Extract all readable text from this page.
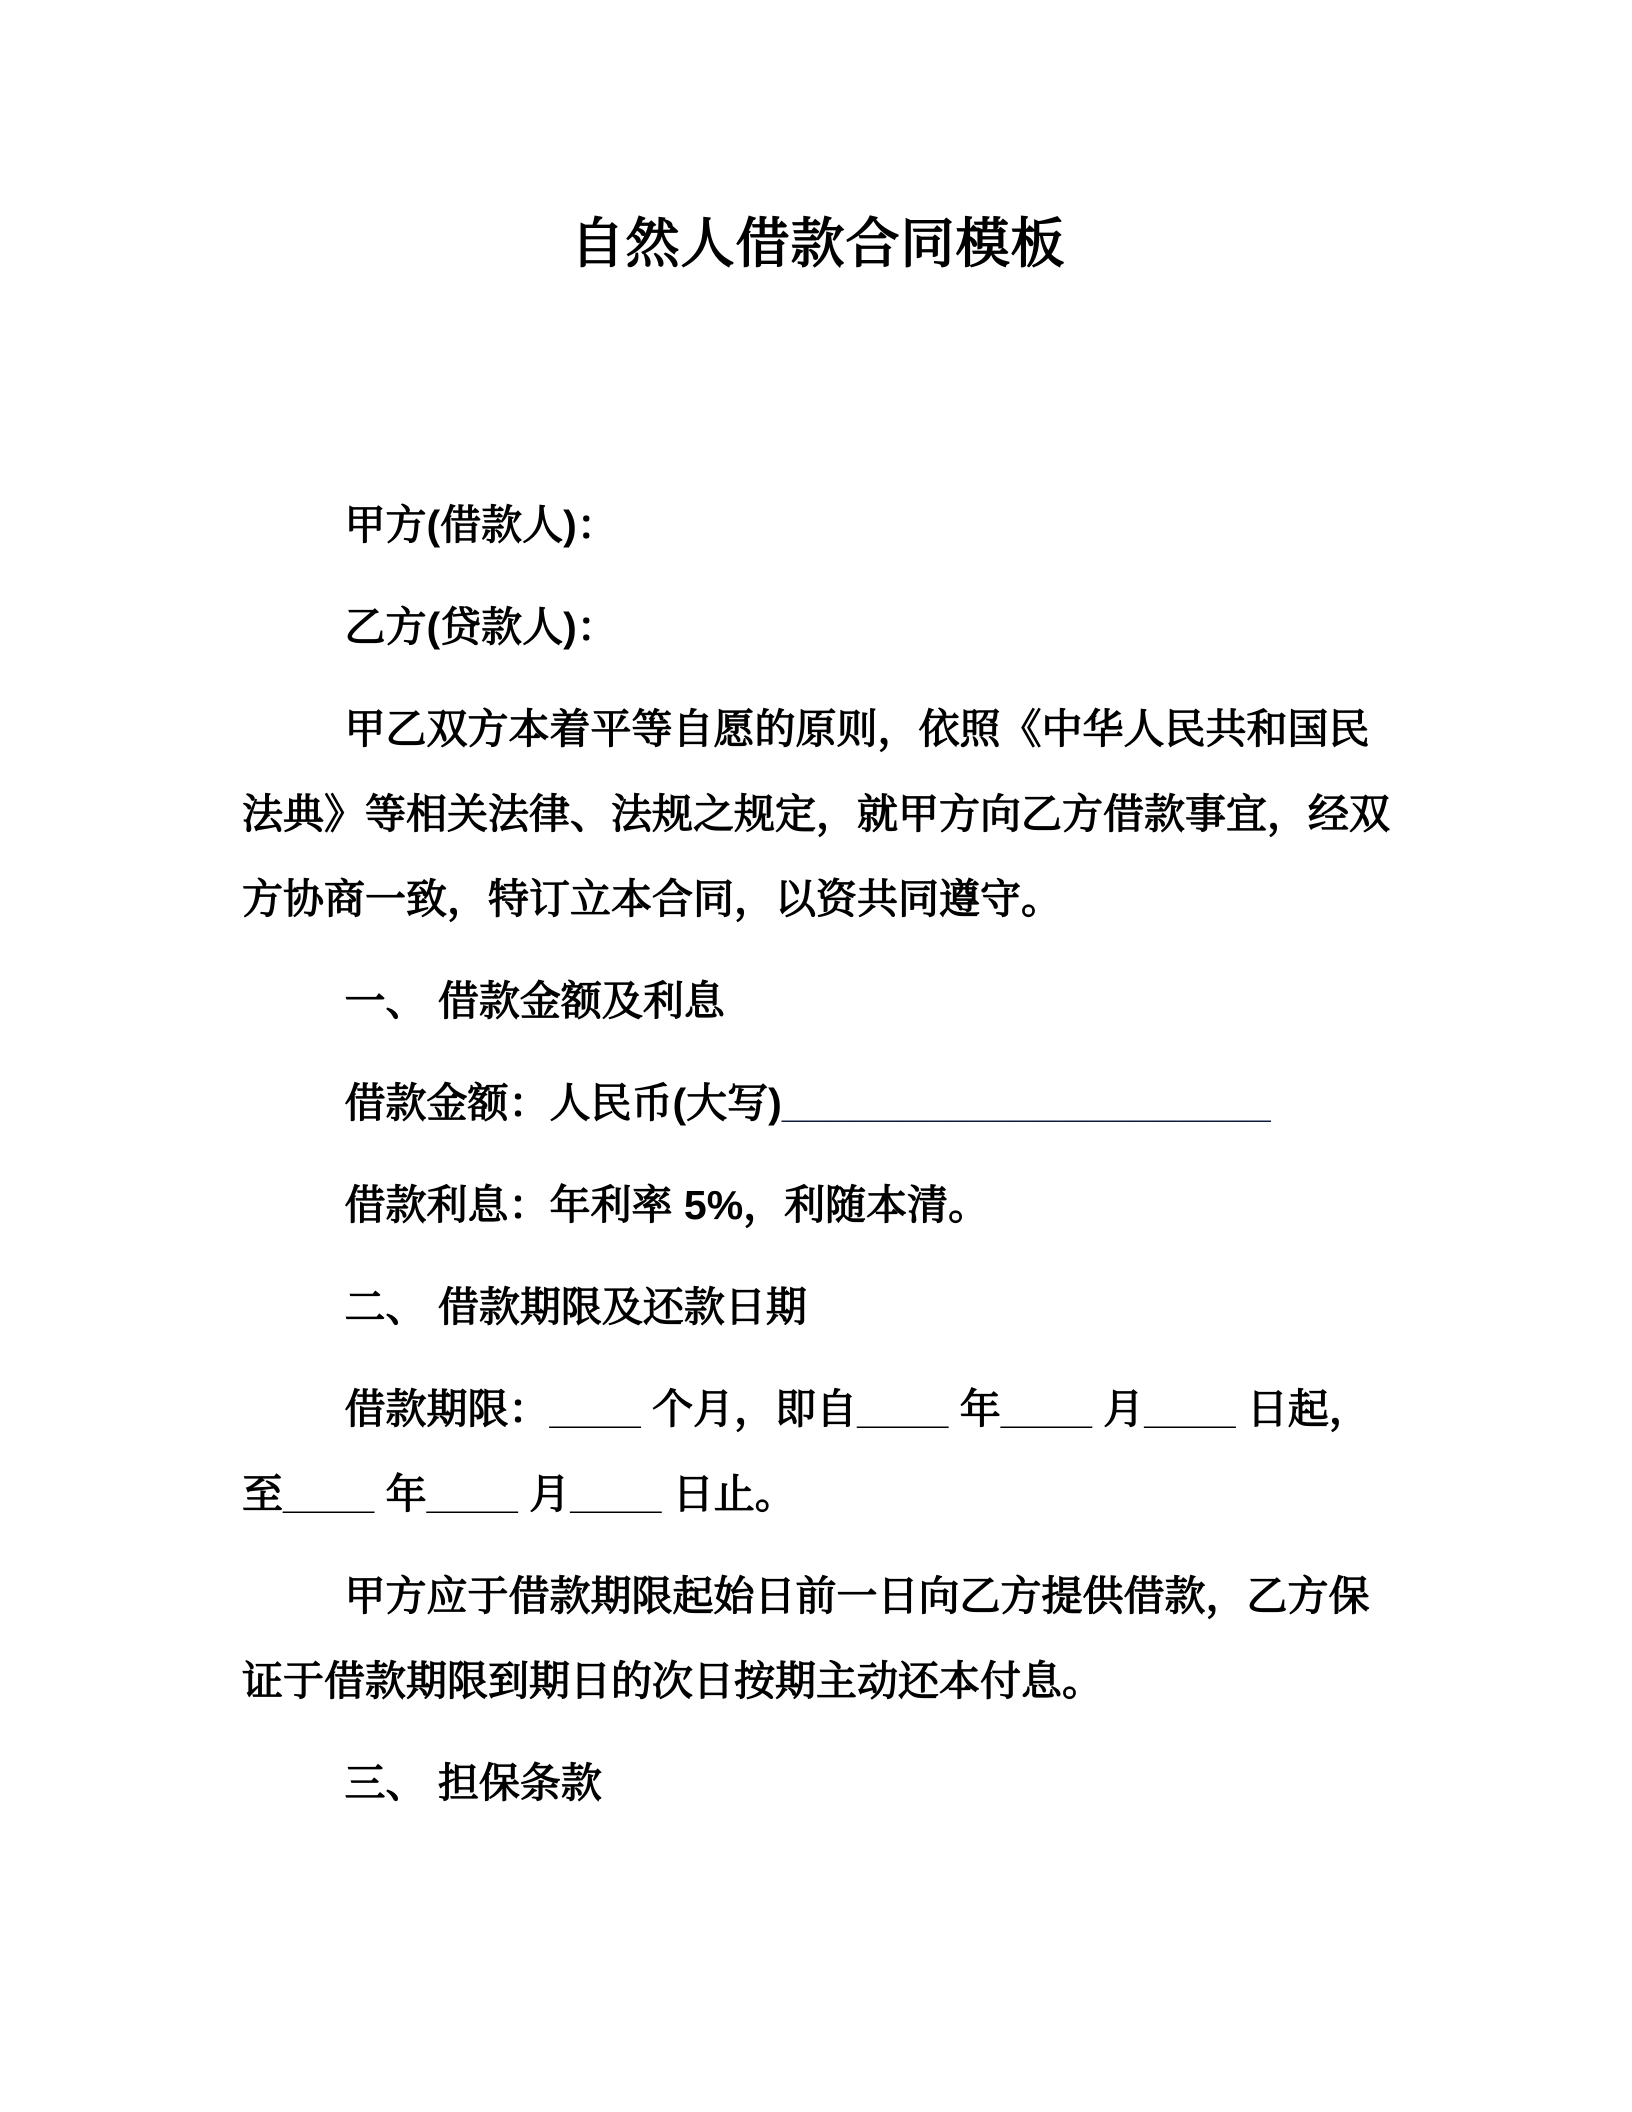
自然人借款合同模板

甲方(借款人)：

乙方(贷款人)：

甲乙双方本着平等自愿的原则，依照《中华人民共和国民法典》等相关法律、法规之规定，就甲方向乙方借款事宜，经双方协商一致，特订立本合同，以资共同遵守。

一、 借款金额及利息

借款金额：人民币(大写)_____________________

借款利息：年利率 5%，利随本清。

二、 借款期限及还款日期

借款期限：____ 个月，即自____ 年____ 月____ 日起，至____ 年____ 月____ 日止。

甲方应于借款期限起始日前一日向乙方提供借款，乙方保证于借款期限到期日的次日按期主动还本付息。

三、 担保条款
